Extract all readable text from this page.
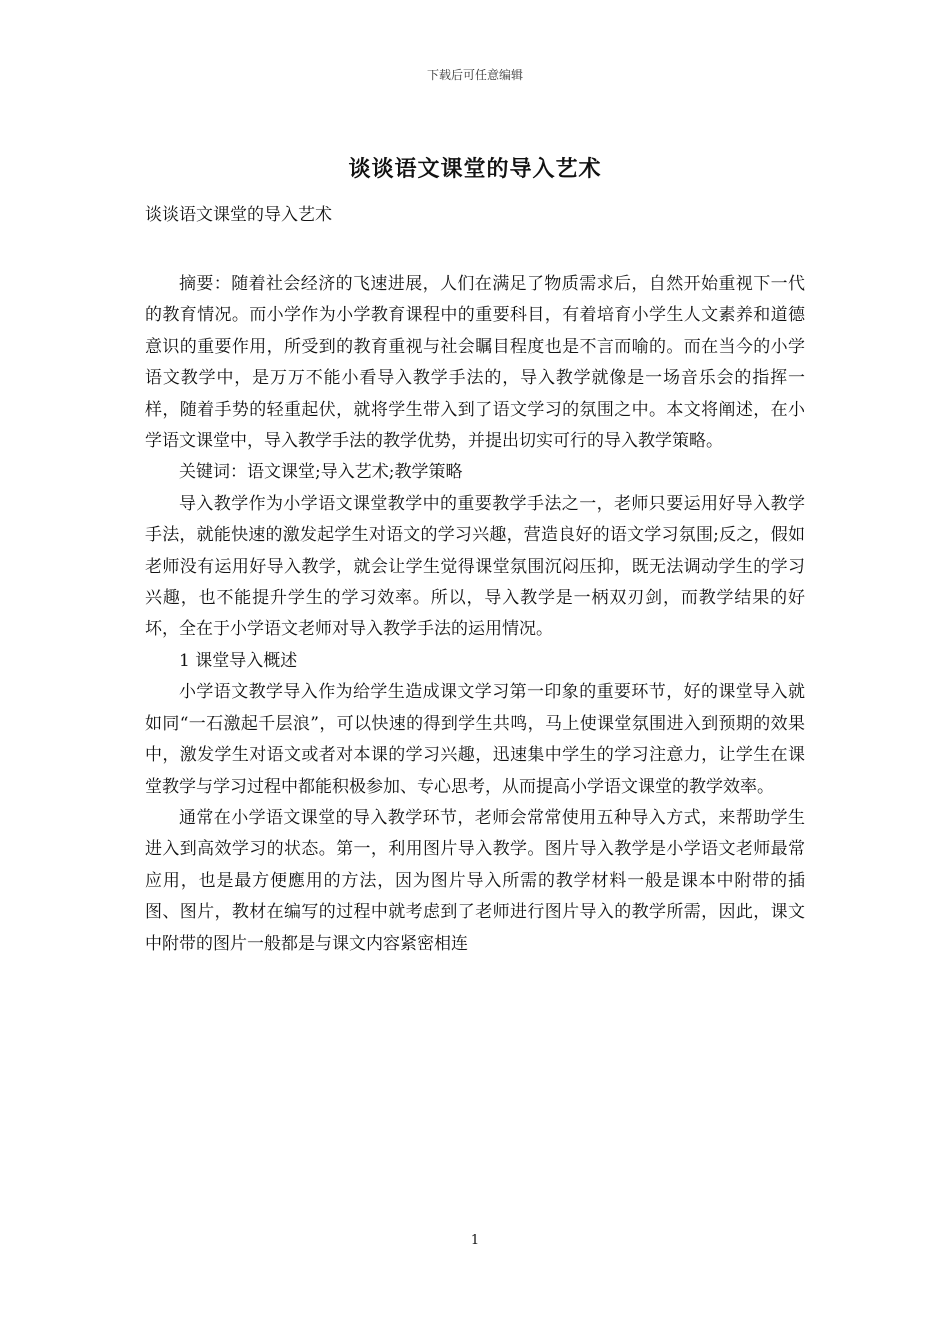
下载后可任意编辑
谈谈语文课堂的导入艺术
谈谈语文课堂的导入艺术

摘要：随着社会经济的飞速进展，人们在满足了物质需求后，自然开始重视下一代的教育情况。而小学作为小学教育课程中的重要科目，有着培育小学生人文素养和道德意识的重要作用，所受到的教育重视与社会瞩目程度也是不言而喻的。而在当今的小学语文教学中，是万万不能小看导入教学手法的，导入教学就像是一场音乐会的指挥一样，随着手势的轻重起伏，就将学生带入到了语文学习的氛围之中。本文将阐述，在小学语文课堂中，导入教学手法的教学优势，并提出切实可行的导入教学策略。

关键词：语文课堂;导入艺术;教学策略

导入教学作为小学语文课堂教学中的重要教学手法之一，老师只要运用好导入教学手法，就能快速的激发起学生对语文的学习兴趣，营造良好的语文学习氛围;反之，假如老师没有运用好导入教学，就会让学生觉得课堂氛围沉闷压抑，既无法调动学生的学习兴趣，也不能提升学生的学习效率。所以，导入教学是一柄双刃剑，而教学结果的好坏，全在于小学语文老师对导入教学手法的运用情况。

1 课堂导入概述

小学语文教学导入作为给学生造成课文学习第一印象的重要环节，好的课堂导入就如同“一石激起千层浪”，可以快速的得到学生共鸣，马上使课堂氛围进入到预期的效果中，激发学生对语文或者对本课的学习兴趣，迅速集中学生的学习注意力，让学生在课堂教学与学习过程中都能积极参加、专心思考，从而提高小学语文课堂的教学效率。

通常在小学语文课堂的导入教学环节，老师会常常使用五种导入方式，来帮助学生进入到高效学习的状态。第一，利用图片导入教学。图片导入教学是小学语文老师最常应用，也是最方便應用的方法，因为图片导入所需的教学材料一般是课本中附带的插图、图片，教材在编写的过程中就考虑到了老师进行图片导入的教学所需，因此，课文中附带的图片一般都是与课文内容紧密相连

1
